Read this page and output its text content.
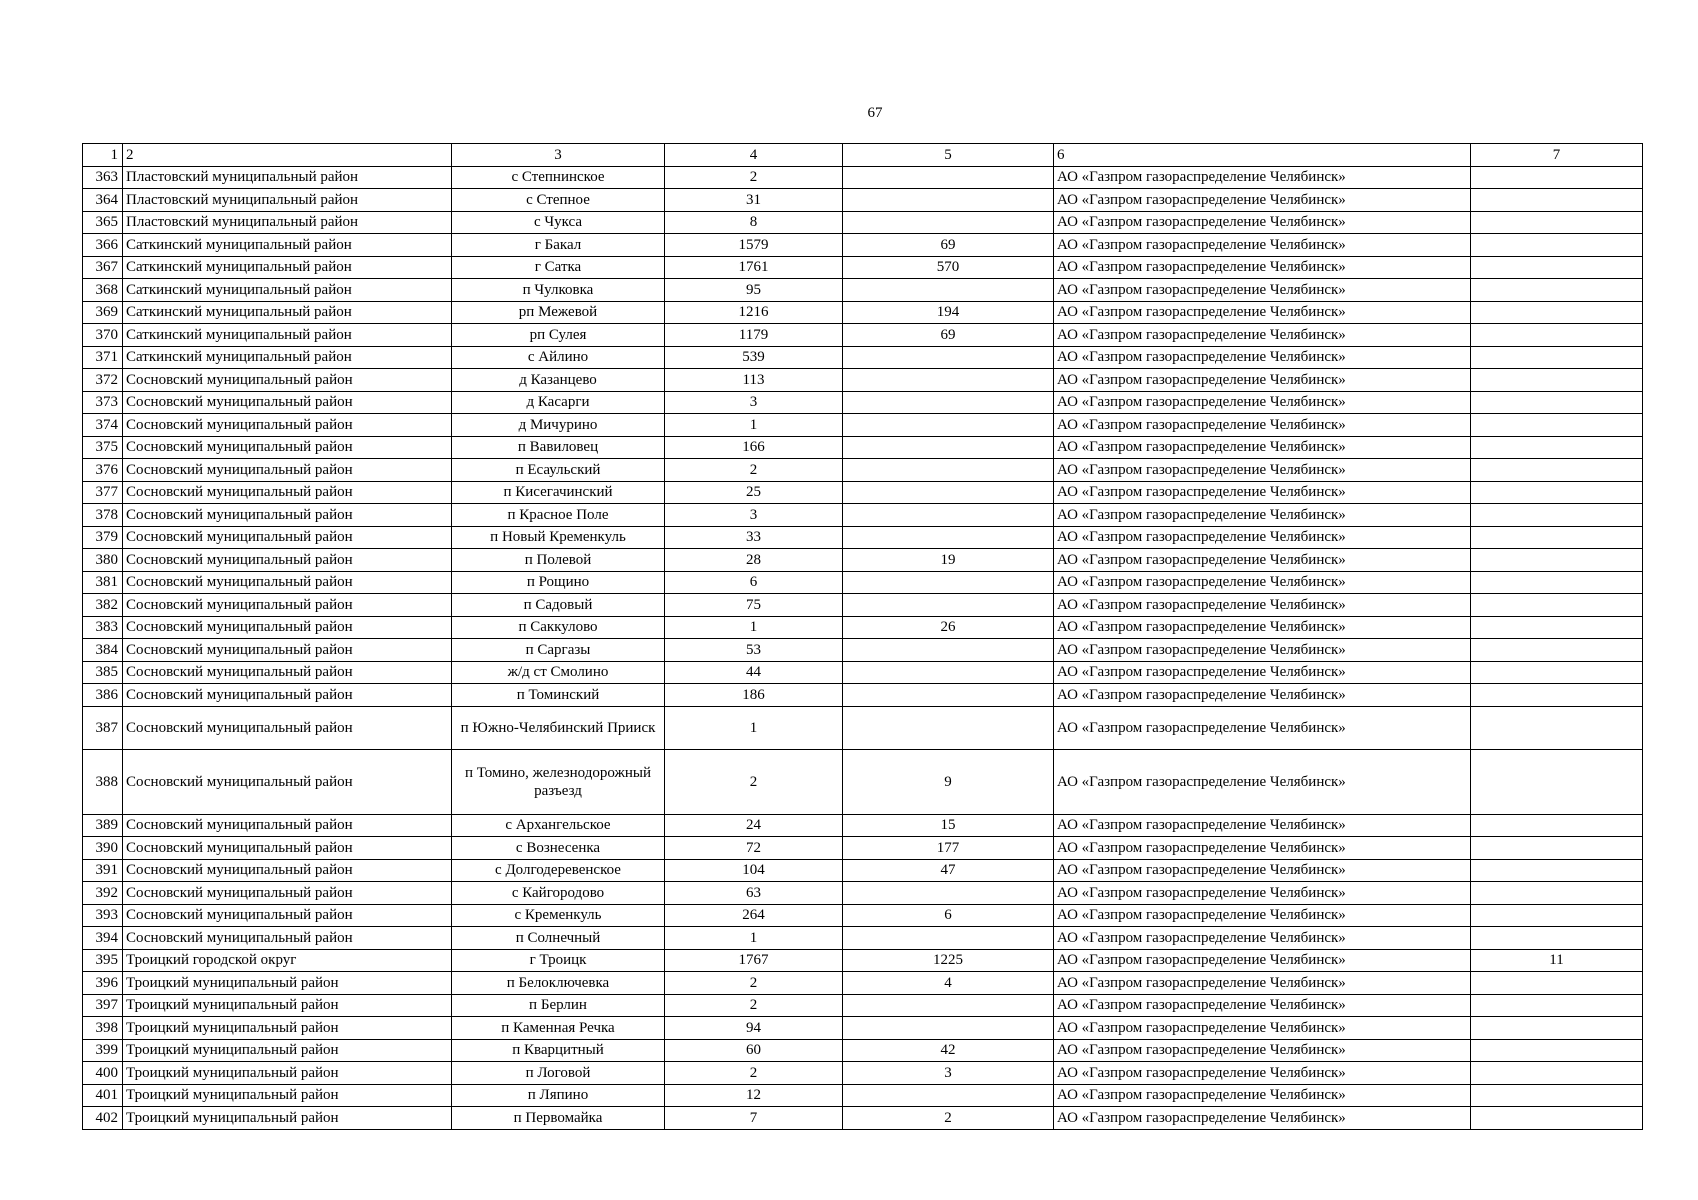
67
1	2	3	4	5	6	7
363	Пластовский муниципальный район	с Степнинское	2		АО «Газпром газораспределение Челябинск»	
364	Пластовский муниципальный район	с Степное	31		АО «Газпром газораспределение Челябинск»	
365	Пластовский муниципальный район	с Чукса	8		АО «Газпром газораспределение Челябинск»	
366	Саткинский муниципальный район	г Бакал	1579	69	АО «Газпром газораспределение Челябинск»	
367	Саткинский муниципальный район	г Сатка	1761	570	АО «Газпром газораспределение Челябинск»	
368	Саткинский муниципальный район	п Чулковка	95		АО «Газпром газораспределение Челябинск»	
369	Саткинский муниципальный район	рп Межевой	1216	194	АО «Газпром газораспределение Челябинск»	
370	Саткинский муниципальный район	рп Сулея	1179	69	АО «Газпром газораспределение Челябинск»	
371	Саткинский муниципальный район	с Айлино	539		АО «Газпром газораспределение Челябинск»	
372	Сосновский муниципальный район	д Казанцево	113		АО «Газпром газораспределение Челябинск»	
373	Сосновский муниципальный район	д Касарги	3		АО «Газпром газораспределение Челябинск»	
374	Сосновский муниципальный район	д Мичурино	1		АО «Газпром газораспределение Челябинск»	
375	Сосновский муниципальный район	п Вавиловец	166		АО «Газпром газораспределение Челябинск»	
376	Сосновский муниципальный район	п Есаульский	2		АО «Газпром газораспределение Челябинск»	
377	Сосновский муниципальный район	п Кисегачинский	25		АО «Газпром газораспределение Челябинск»	
378	Сосновский муниципальный район	п Красное Поле	3		АО «Газпром газораспределение Челябинск»	
379	Сосновский муниципальный район	п Новый Кременкуль	33		АО «Газпром газораспределение Челябинск»	
380	Сосновский муниципальный район	п Полевой	28	19	АО «Газпром газораспределение Челябинск»	
381	Сосновский муниципальный район	п Рощино	6		АО «Газпром газораспределение Челябинск»	
382	Сосновский муниципальный район	п Садовый	75		АО «Газпром газораспределение Челябинск»	
383	Сосновский муниципальный район	п Саккулово	1	26	АО «Газпром газораспределение Челябинск»	
384	Сосновский муниципальный район	п Саргазы	53		АО «Газпром газораспределение Челябинск»	
385	Сосновский муниципальный район	ж/д ст Смолино	44		АО «Газпром газораспределение Челябинск»	
386	Сосновский муниципальный район	п Томинский	186		АО «Газпром газораспределение Челябинск»	
387	Сосновский муниципальный район	п Южно-Челябинский Прииск	1		АО «Газпром газораспределение Челябинск»	
388	Сосновский муниципальный район	п Томино, железнодорожный разъезд	2	9	АО «Газпром газораспределение Челябинск»	
389	Сосновский муниципальный район	с Архангельское	24	15	АО «Газпром газораспределение Челябинск»	
390	Сосновский муниципальный район	с Вознесенка	72	177	АО «Газпром газораспределение Челябинск»	
391	Сосновский муниципальный район	с Долгодеревенское	104	47	АО «Газпром газораспределение Челябинск»	
392	Сосновский муниципальный район	с Кайгородово	63		АО «Газпром газораспределение Челябинск»	
393	Сосновский муниципальный район	с Кременкуль	264	6	АО «Газпром газораспределение Челябинск»	
394	Сосновский муниципальный район	п Солнечный	1		АО «Газпром газораспределение Челябинск»	
395	Троицкий городской округ	г Троицк	1767	1225	АО «Газпром газораспределение Челябинск»	11
396	Троицкий муниципальный район	п Белоключевка	2	4	АО «Газпром газораспределение Челябинск»	
397	Троицкий муниципальный район	п Берлин	2		АО «Газпром газораспределение Челябинск»	
398	Троицкий муниципальный район	п Каменная Речка	94		АО «Газпром газораспределение Челябинск»	
399	Троицкий муниципальный район	п Кварцитный	60	42	АО «Газпром газораспределение Челябинск»	
400	Троицкий муниципальный район	п Логовой	2	3	АО «Газпром газораспределение Челябинск»	
401	Троицкий муниципальный район	п Ляпино	12		АО «Газпром газораспределение Челябинск»	
402	Троицкий муниципальный район	п Первомайка	7	2	АО «Газпром газораспределение Челябинск»	
